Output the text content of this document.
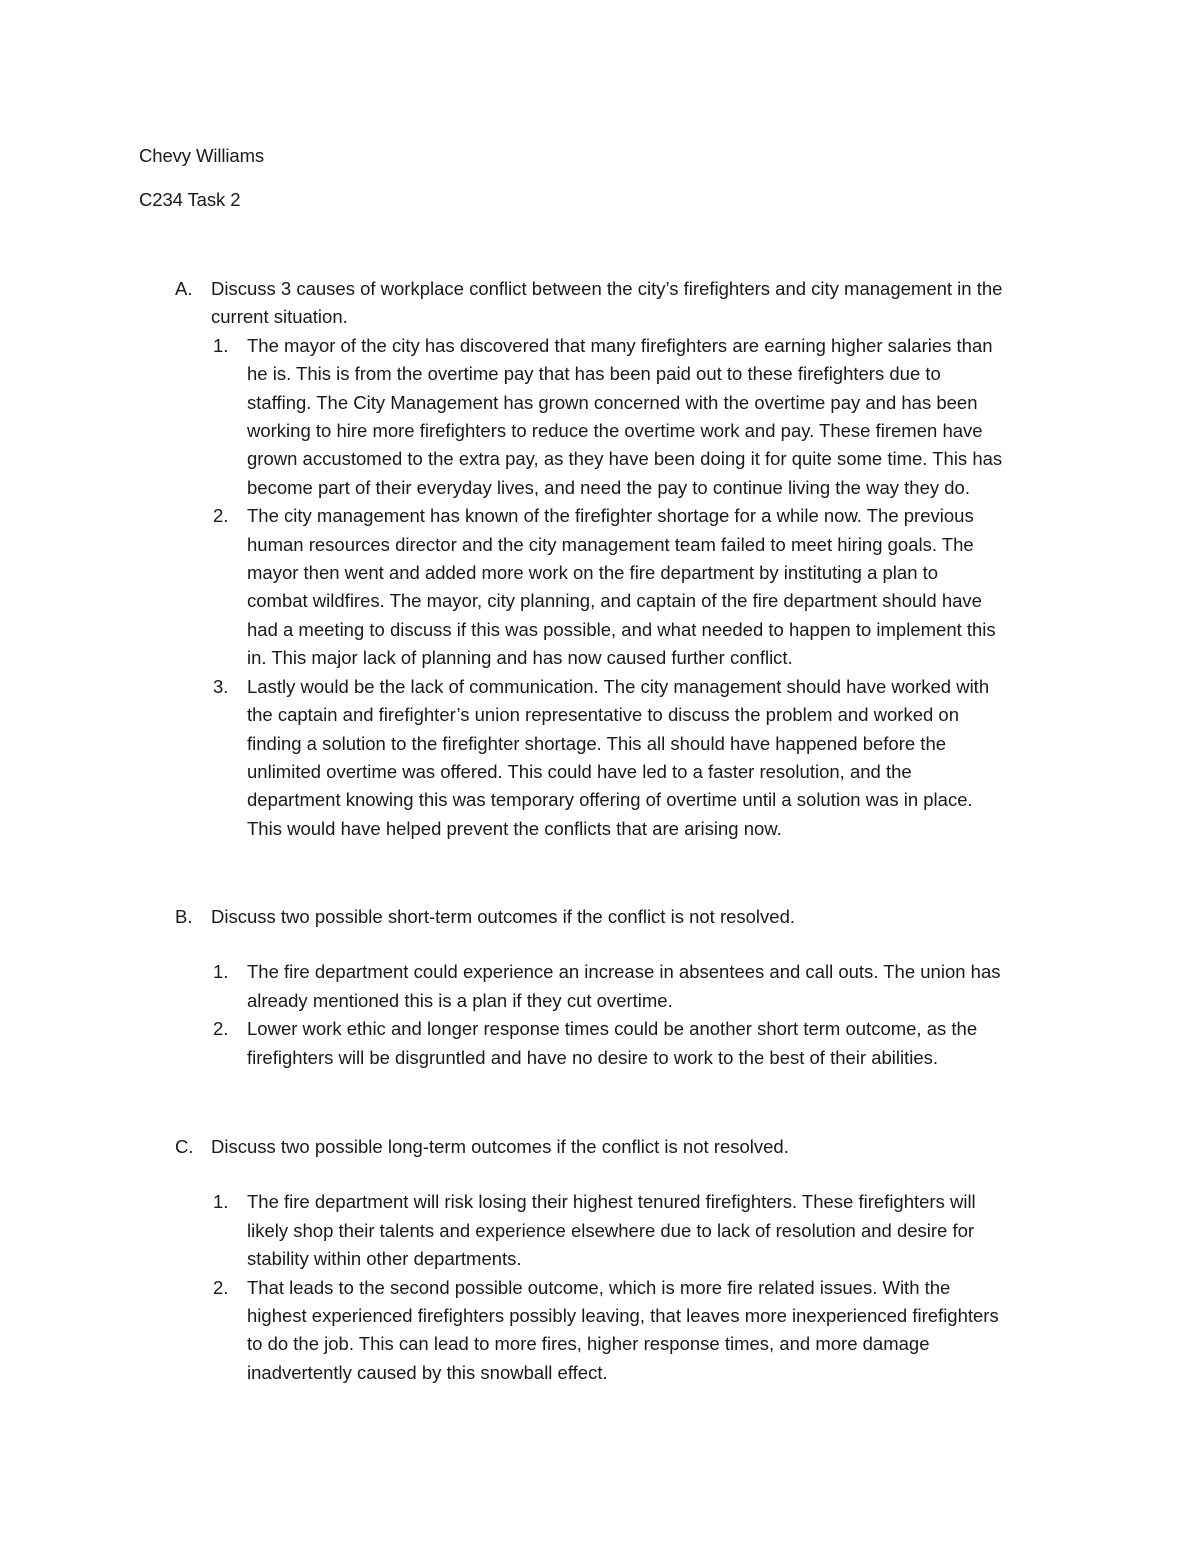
Chevy Williams
C234 Task 2
A. Discuss 3 causes of workplace conflict between the city’s firefighters and city management in the
current situation.
1. The mayor of the city has discovered that many firefighters are earning higher salaries than
he is. This is from the overtime pay that has been paid out to these firefighters due to
staffing. The City Management has grown concerned with the overtime pay and has been
working to hire more firefighters to reduce the overtime work and pay. These firemen have
grown accustomed to the extra pay, as they have been doing it for quite some time. This has
become part of their everyday lives, and need the pay to continue living the way they do.
2. The city management has known of the firefighter shortage for a while now. The previous
human resources director and the city management team failed to meet hiring goals. The
mayor then went and added more work on the fire department by instituting a plan to
combat wildfires. The mayor, city planning, and captain of the fire department should have
had a meeting to discuss if this was possible, and what needed to happen to implement this
in. This major lack of planning and has now caused further conflict.
3. Lastly would be the lack of communication. The city management should have worked with
the captain and firefighter’s union representative to discuss the problem and worked on
finding a solution to the firefighter shortage. This all should have happened before the
unlimited overtime was offered. This could have led to a faster resolution, and the
department knowing this was temporary offering of overtime until a solution was in place.
This would have helped prevent the conflicts that are arising now.
B. Discuss two possible short-term outcomes if the conflict is not resolved.
1. The fire department could experience an increase in absentees and call outs. The union has
already mentioned this is a plan if they cut overtime.
2. Lower work ethic and longer response times could be another short term outcome, as the
firefighters will be disgruntled and have no desire to work to the best of their abilities.
C. Discuss two possible long-term outcomes if the conflict is not resolved.
1. The fire department will risk losing their highest tenured firefighters. These firefighters will
likely shop their talents and experience elsewhere due to lack of resolution and desire for
stability within other departments.
2. That leads to the second possible outcome, which is more fire related issues. With the
highest experienced firefighters possibly leaving, that leaves more inexperienced firefighters
to do the job. This can lead to more fires, higher response times, and more damage
inadvertently caused by this snowball effect.
